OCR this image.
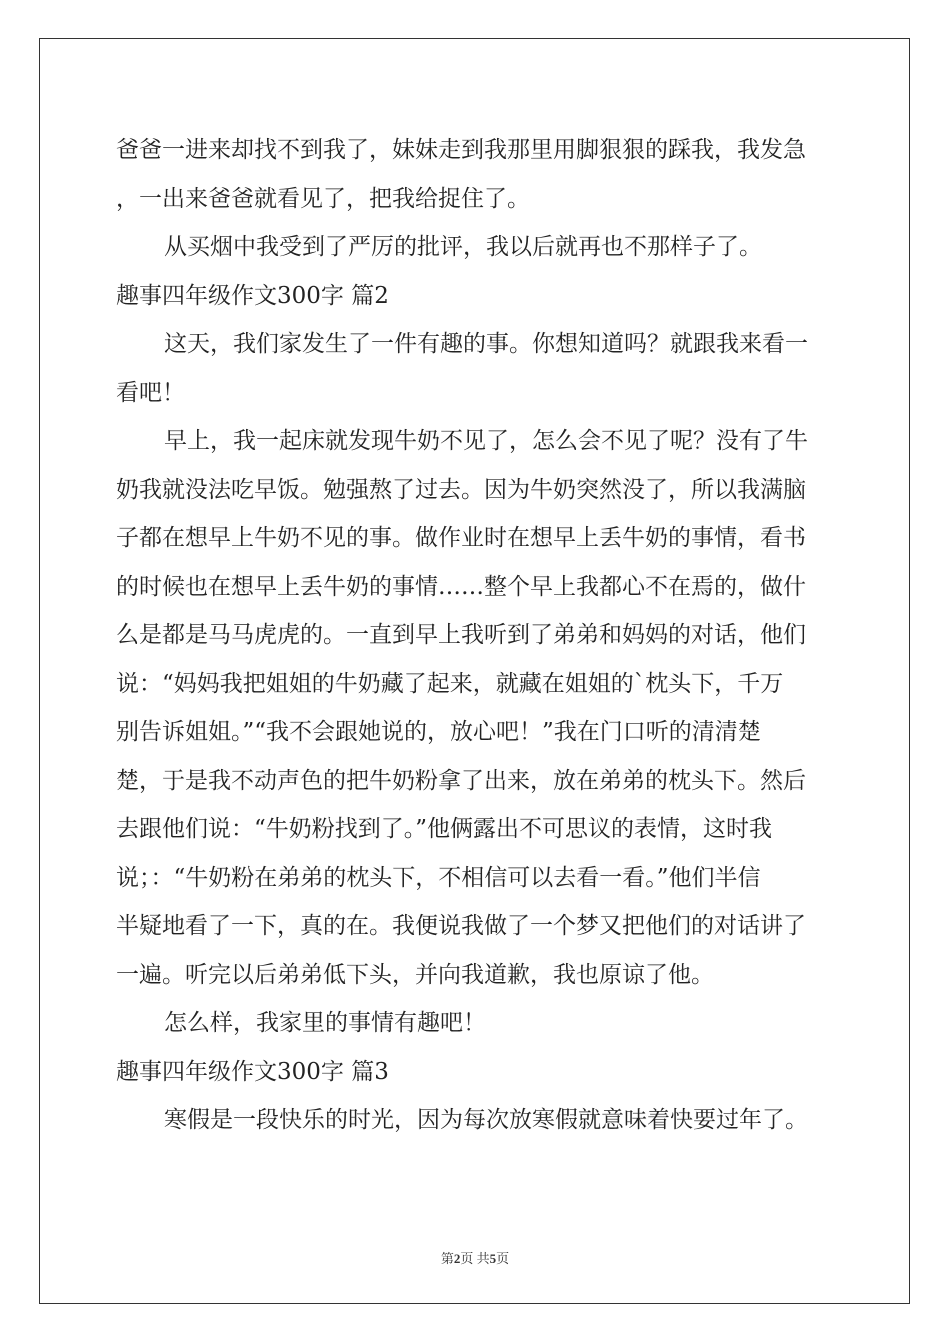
爸爸一进来却找不到我了，妹妹走到我那里用脚狠狠的踩我，我发急
，一出来爸爸就看见了，把我给捉住了。
从买烟中我受到了严厉的批评，我以后就再也不那样子了。
趣事四年级作文300字 篇2
这天，我们家发生了一件有趣的事。你想知道吗？就跟我来看一
看吧！
早上，我一起床就发现牛奶不见了，怎么会不见了呢？没有了牛
奶我就没法吃早饭。勉强熬了过去。因为牛奶突然没了，所以我满脑
子都在想早上牛奶不见的事。做作业时在想早上丢牛奶的事情，看书
的时候也在想早上丢牛奶的事情……整个早上我都心不在焉的，做什
么是都是马马虎虎的。一直到早上我听到了弟弟和妈妈的对话，他们
说：“妈妈我把姐姐的牛奶藏了起来，就藏在姐姐的`枕头下，千万
别告诉姐姐。”“我不会跟她说的，放心吧！”我在门口听的清清楚
楚，于是我不动声色的把牛奶粉拿了出来，放在弟弟的枕头下。然后
去跟他们说：“牛奶粉找到了。”他俩露出不可思议的表情，这时我
说；：“牛奶粉在弟弟的枕头下，不相信可以去看一看。”他们半信
半疑地看了一下，真的在。我便说我做了一个梦又把他们的对话讲了
一遍。听完以后弟弟低下头，并向我道歉，我也原谅了他。
怎么样，我家里的事情有趣吧！
趣事四年级作文300字 篇3
寒假是一段快乐的时光，因为每次放寒假就意味着快要过年了。
第2页 共5页
